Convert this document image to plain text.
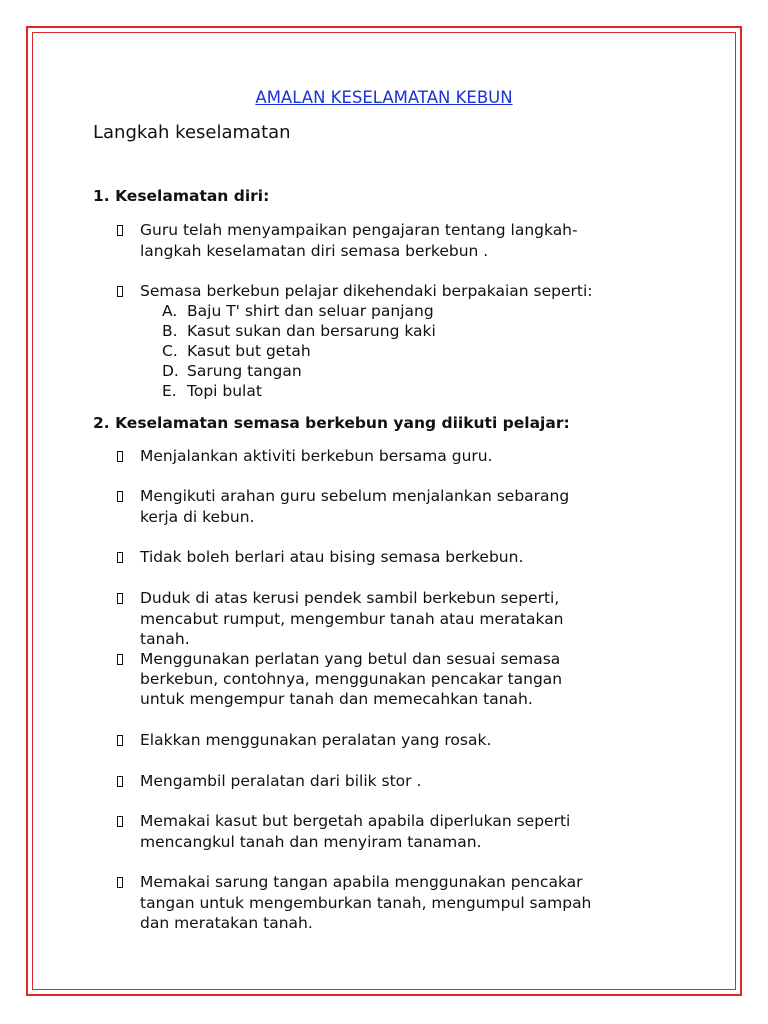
AMALAN KESELAMATAN KEBUN
Langkah keselamatan
1. Keselamatan diri:
Guru telah menyampaikan pengajaran tentang langkah-
langkah keselamatan diri semasa berkebun .
Semasa berkebun pelajar dikehendaki berpakaian seperti:
A. Baju T' shirt dan seluar panjang
B. Kasut sukan dan bersarung kaki
C. Kasut but getah
D. Sarung tangan
E. Topi bulat
2. Keselamatan semasa berkebun yang diikuti pelajar:
Menjalankan aktiviti berkebun bersama guru.
Mengikuti arahan guru sebelum menjalankan sebarang
kerja di kebun.
Tidak boleh berlari atau bising semasa berkebun.
Duduk di atas kerusi pendek sambil berkebun seperti,
mencabut rumput, mengembur tanah atau meratakan
tanah.
Menggunakan perlatan yang betul dan sesuai semasa
berkebun, contohnya, menggunakan pencakar tangan
untuk mengempur tanah dan memecahkan tanah.
Elakkan menggunakan peralatan yang rosak.
Mengambil peralatan dari bilik stor .
Memakai kasut but bergetah apabila diperlukan seperti
mencangkul tanah dan menyiram tanaman.
Memakai sarung tangan apabila menggunakan pencakar
tangan untuk mengemburkan tanah, mengumpul sampah
dan meratakan tanah.
